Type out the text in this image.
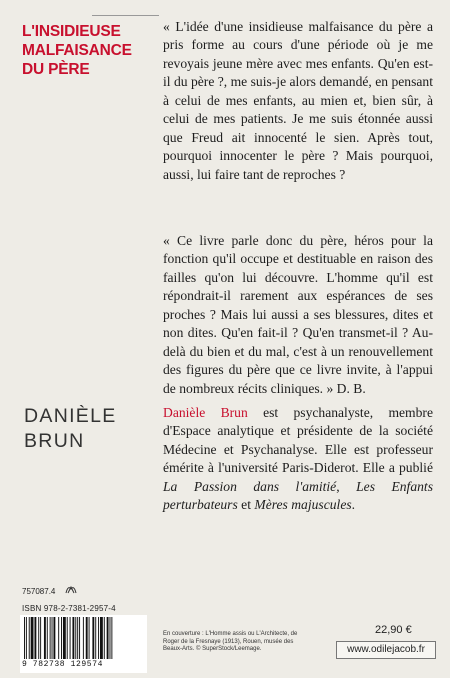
L'INSIDIEUSE
MALFAISANCE
DU PÈRE
« L'idée d'une insidieuse malfaisance du père a pris forme au cours d'une période où je me revoyais jeune mère avec mes enfants. Qu'en est-il du père ?, me suis-je alors demandé, en pensant à celui de mes enfants, au mien et, bien sûr, à celui de mes patients. Je me suis étonnée aussi que Freud ait innocenté le sien. Après tout, pourquoi innocenter le père ? Mais pourquoi, aussi, lui faire tant de reproches ?
« Ce livre parle donc du père, héros pour la fonction qu'il occupe et destituable en raison des failles qu'on lui découvre. L'homme qu'il est répondrait-il rarement aux espérances de ses proches ? Mais lui aussi a ses blessures, dites et non dites. Qu'en fait-il ? Qu'en transmet-il ? Au-delà du bien et du mal, c'est à un renouvellement des figures du père que ce livre invite, à l'appui de nombreux récits cliniques. » D. B.
DANIÈLE
BRUN
Danièle Brun est psychanalyste, membre d'Espace analytique et présidente de la société Médecine et Psychanalyse. Elle est professeur émérite à l'université Paris-Diderot. Elle a publié La Passion dans l'amitié, Les Enfants perturbateurs et Mères majuscules.
757087.4
ISBN 978-2-7381-2957-4
9 782738 129574
En couverture : L'Homme assis ou L'Architecte, de Roger de la Fresnaye (1913), Rouen, musée des Beaux-Arts. © SuperStock/Leemage.
22,90 €
www.odilejacob.fr
